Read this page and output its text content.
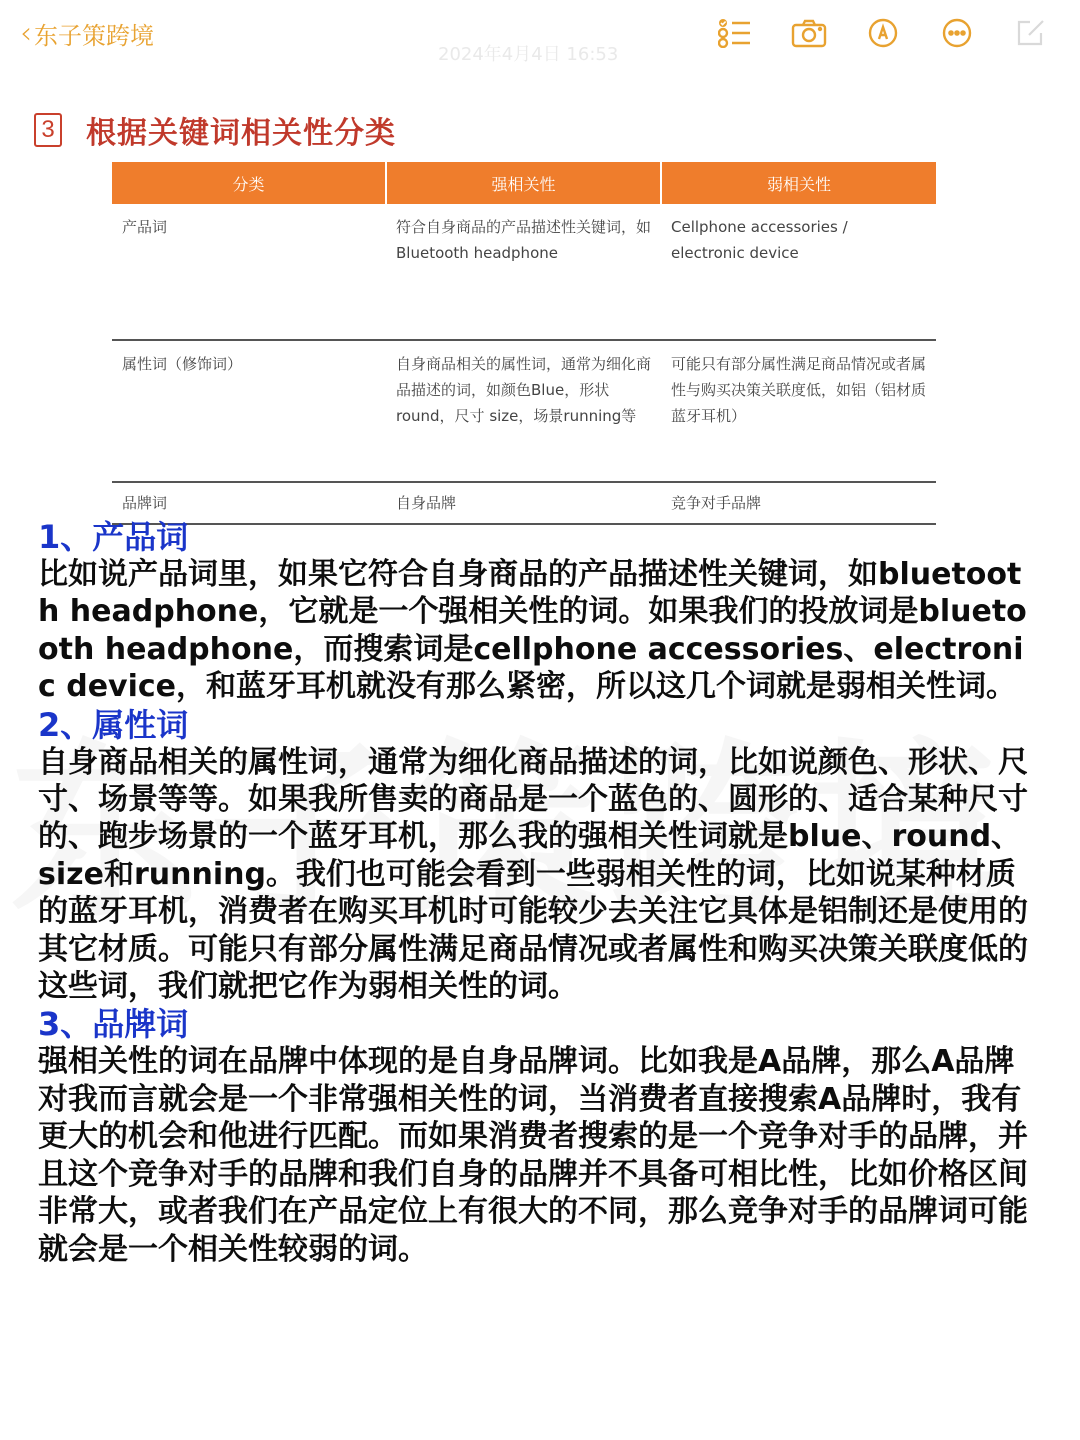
‹ 东子策跨境
2024年4月4日 16:53
3 根据关键词相关性分类
分类	强相关性	弱相关性
产品词	符合自身商品的产品描述性关键词，如Bluetooth headphone	Cellphone accessories / electronic device
属性词（修饰词）	自身商品相关的属性词，通常为细化商品描述的词，如颜色Blue，形状round，尺寸 size，场景running等	可能只有部分属性满足商品情况或者属性与购买决策关联度低，如铝（铝材质蓝牙耳机）
品牌词	自身品牌	竞争对手品牌
1、产品词
比如说产品词里，如果它符合自身商品的产品描述性关键词，如bluetooth headphone，它就是一个强相关性的词。如果我们的投放词是bluetooth headphone，而搜索词是cellphone accessories、electronic device，和蓝牙耳机就没有那么紧密，所以这几个词就是弱相关性词。
2、属性词
自身商品相关的属性词，通常为细化商品描述的词，比如说颜色、形状、尺寸、场景等等。如果我所售卖的商品是一个蓝色的、圆形的、适合某种尺寸的、跑步场景的一个蓝牙耳机，那么我的强相关性词就是blue、round、size和running。我们也可能会看到一些弱相关性的词，比如说某种材质的蓝牙耳机，消费者在购买耳机时可能较少去关注它具体是铝制还是使用的其它材质。可能只有部分属性满足商品情况或者属性和购买决策关联度低的这些词，我们就把它作为弱相关性的词。
3、品牌词
强相关性的词在品牌中体现的是自身品牌词。比如我是A品牌，那么A品牌对我而言就会是一个非常强相关性的词，当消费者直接搜索A品牌时，我有更大的机会和他进行匹配。而如果消费者搜索的是一个竞争对手的品牌，并且这个竞争对手的品牌和我们自身的品牌并不具备可相比性，比如价格区间非常大，或者我们在产品定位上有很大的不同，那么竞争对手的品牌词可能就会是一个相关性较弱的词。
